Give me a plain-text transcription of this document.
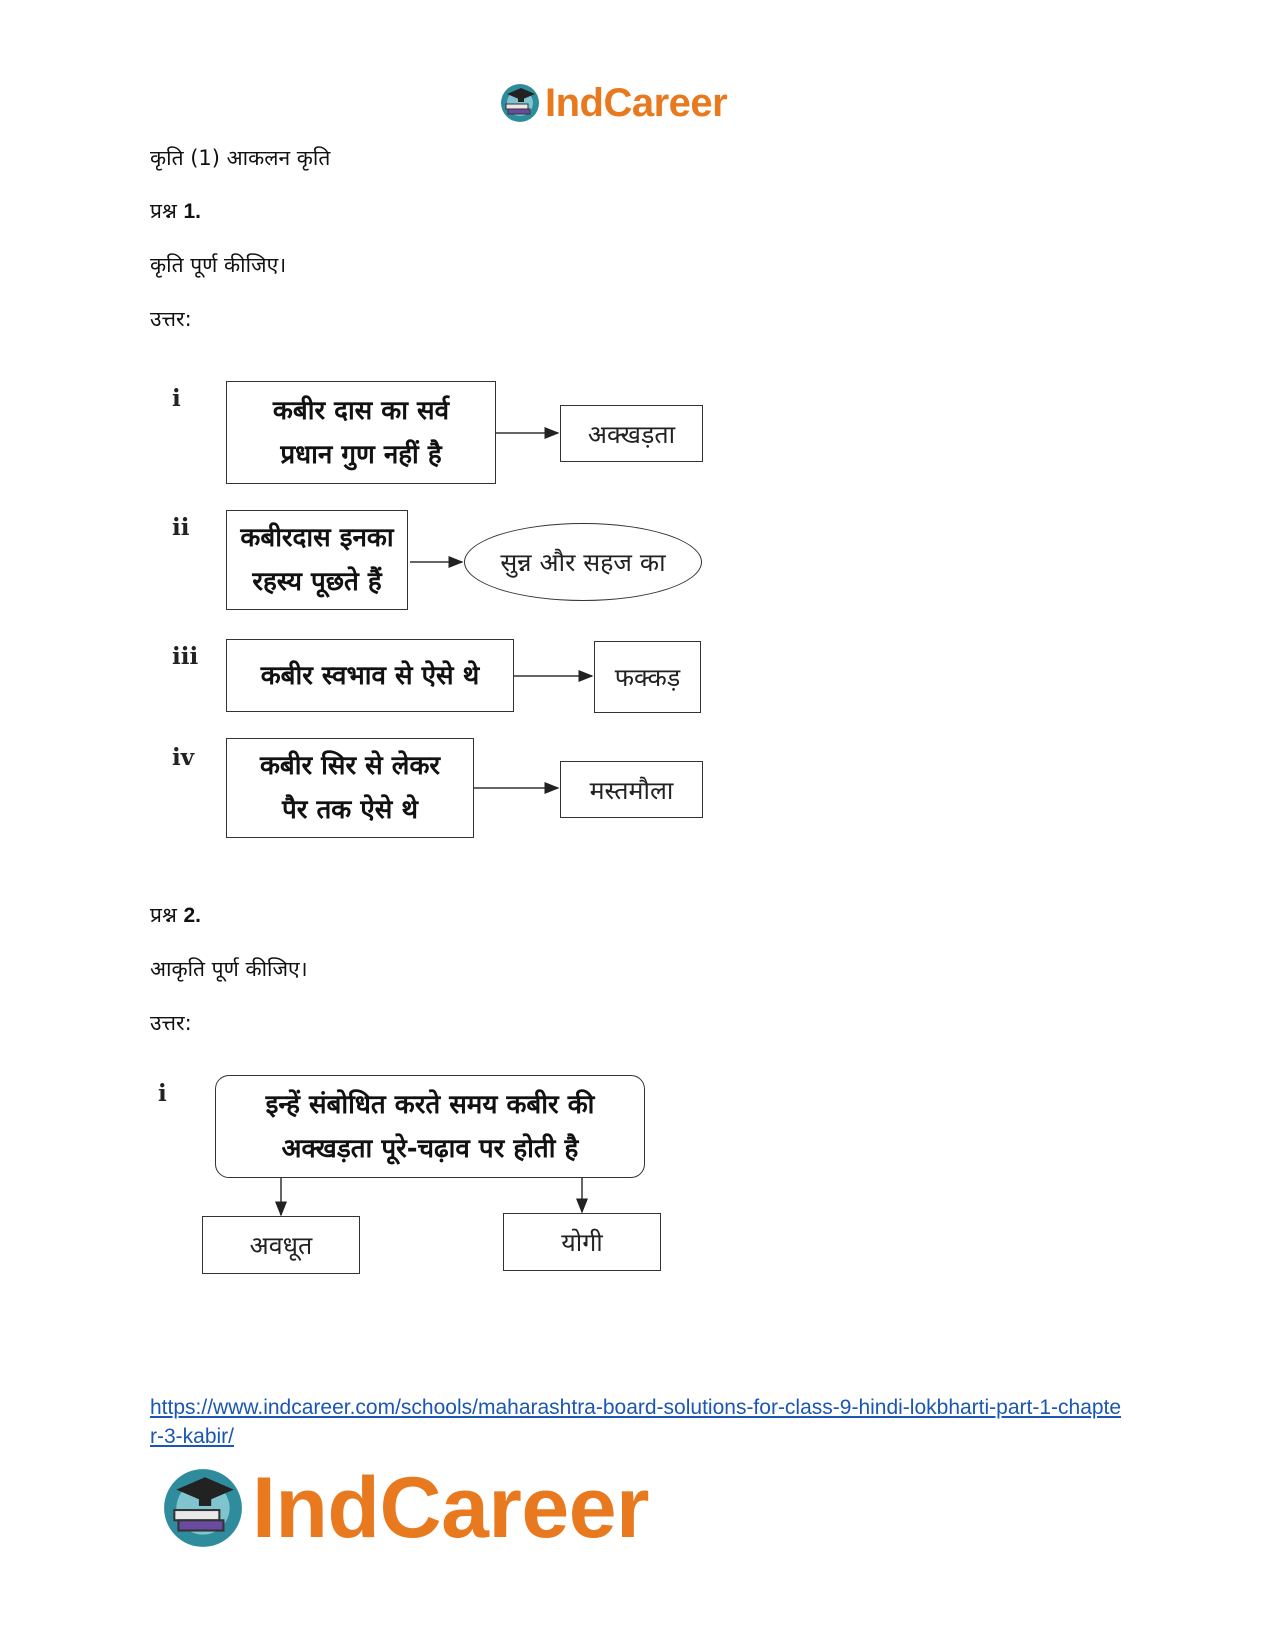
IndCareer
कृति (1) आकलन कृति
प्रश्न 1.
कृति पूर्ण कीजिए।
उत्तर:
i	कबीर दास का सर्व प्रधान गुण नहीं है
अक्खड़ता
ii	कबीरदास इनका रहस्य पूछते हैं
सुन्न और सहज का
iii
कबीर स्वभाव से ऐसे थे	फक्कड़
iv	कबीर सिर से लेकर पैर तक ऐसे थे
मस्तमौला
प्रश्न 2.
आकृति पूर्ण कीजिए।
उत्तर:
i	इन्हें संबोधित करते समय कबीर की अक्खड़ता पूरे-चढ़ाव पर होती है
अवधूत	योगी
https://www.indcareer.com/schools/maharashtra-board-solutions-for-class-9-hindi-lokbharti-part-1-chapter-3-kabir/
IndCareer
